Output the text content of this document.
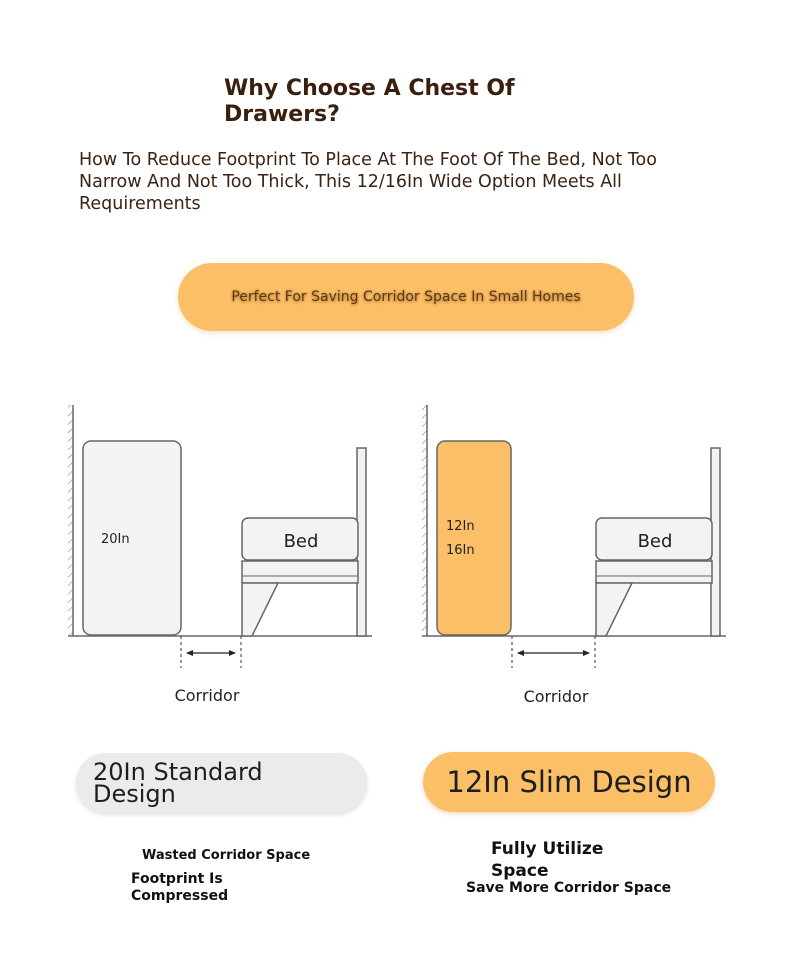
Why Choose A Chest Of Drawers?
How To Reduce Footprint To Place At The Foot Of The Bed, Not Too Narrow And Not Too Thick, This 12/16In Wide Option Meets All Requirements
Perfect For Saving Corridor Space In Small Homes
20In	Bed
Corridor
12In
16In	Bed
Corridor
20In Standard Design	12In Slim Design
Wasted Corridor Space
Footprint Is Compressed
Fully Utilize Space
Save More Corridor Space
